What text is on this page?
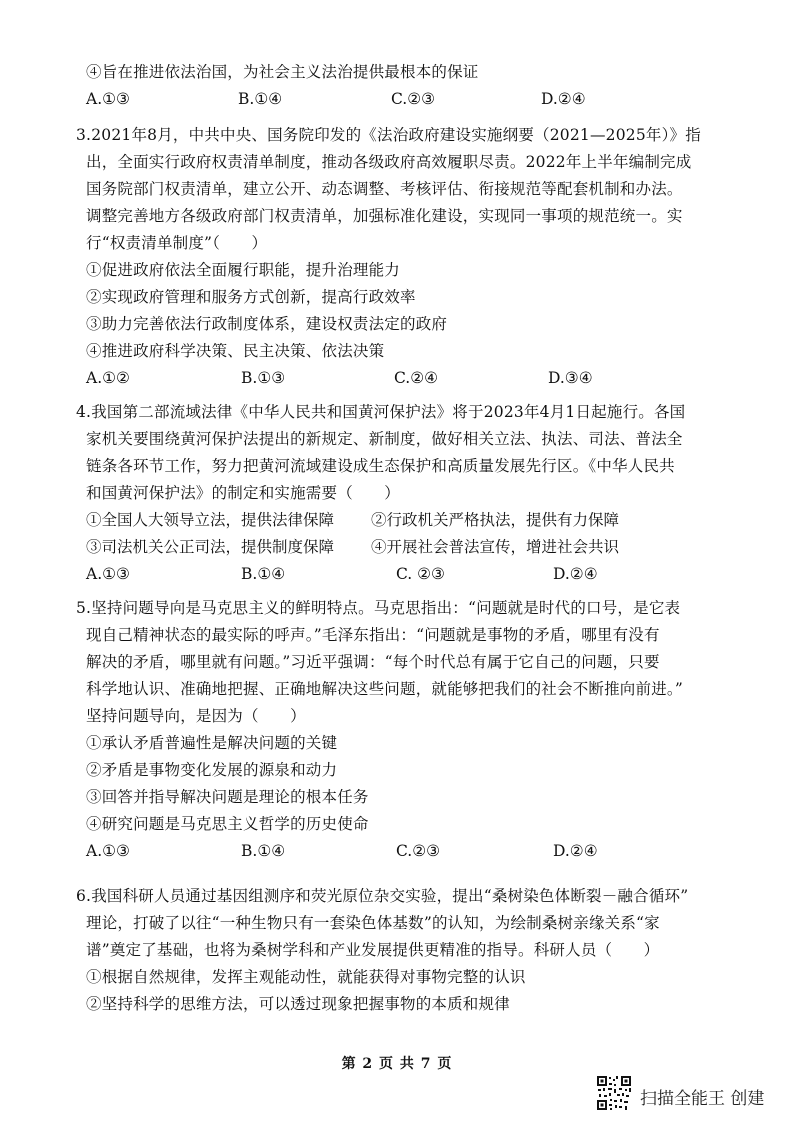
④旨在推进依法治国，为社会主义法治提供最根本的保证
A.①③	B.①④	C.②③	D.②④
3.2021年8月，中共中央、国务院印发的《法治政府建设实施纲要（2021—2025年）》指
出，全面实行政府权责清单制度，推动各级政府高效履职尽责。2022年上半年编制完成
国务院部门权责清单，建立公开、动态调整、考核评估、衔接规范等配套机制和办法。
调整完善地方各级政府部门权责清单，加强标准化建设，实现同一事项的规范统一。实
行“权责清单制度”（　　）
①促进政府依法全面履行职能，提升治理能力
②实现政府管理和服务方式创新，提高行政效率
③助力完善依法行政制度体系，建设权责法定的政府
④推进政府科学决策、民主决策、依法决策
A.①②	B.①③	C.②④	D.③④
4.我国第二部流域法律《中华人民共和国黄河保护法》将于2023年4月1日起施行。各国
家机关要围绕黄河保护法提出的新规定、新制度，做好相关立法、执法、司法、普法全
链条各环节工作，努力把黄河流域建设成生态保护和高质量发展先行区。《中华人民共
和国黄河保护法》的制定和实施需要（　　）
①全国人大领导立法，提供法律保障 ②行政机关严格执法，提供有力保障
③司法机关公正司法，提供制度保障 ④开展社会普法宣传，增进社会共识
A.①③	B.①④	C. ②③	D.②④
5.坚持问题导向是马克思主义的鲜明特点。马克思指出：“问题就是时代的口号，是它表
现自己精神状态的最实际的呼声。”毛泽东指出：“问题就是事物的矛盾，哪里有没有
解决的矛盾，哪里就有问题。”习近平强调：“每个时代总有属于它自己的问题，只要
科学地认识、准确地把握、正确地解决这些问题，就能够把我们的社会不断推向前进。”
坚持问题导向，是因为（　　）
①承认矛盾普遍性是解决问题的关键
②矛盾是事物变化发展的源泉和动力
③回答并指导解决问题是理论的根本任务
④研究问题是马克思主义哲学的历史使命
A.①③	B.①④	C.②③	D.②④
6.我国科研人员通过基因组测序和荧光原位杂交实验，提出“桑树染色体断裂－融合循环”
理论，打破了以往“一种生物只有一套染色体基数”的认知，为绘制桑树亲缘关系“家
谱”奠定了基础，也将为桑树学科和产业发展提供更精准的指导。科研人员（　　）
①根据自然规律，发挥主观能动性，就能获得对事物完整的认识
②坚持科学的思维方法，可以透过现象把握事物的本质和规律
第 2 页 共 7 页
扫描全能王 创建
